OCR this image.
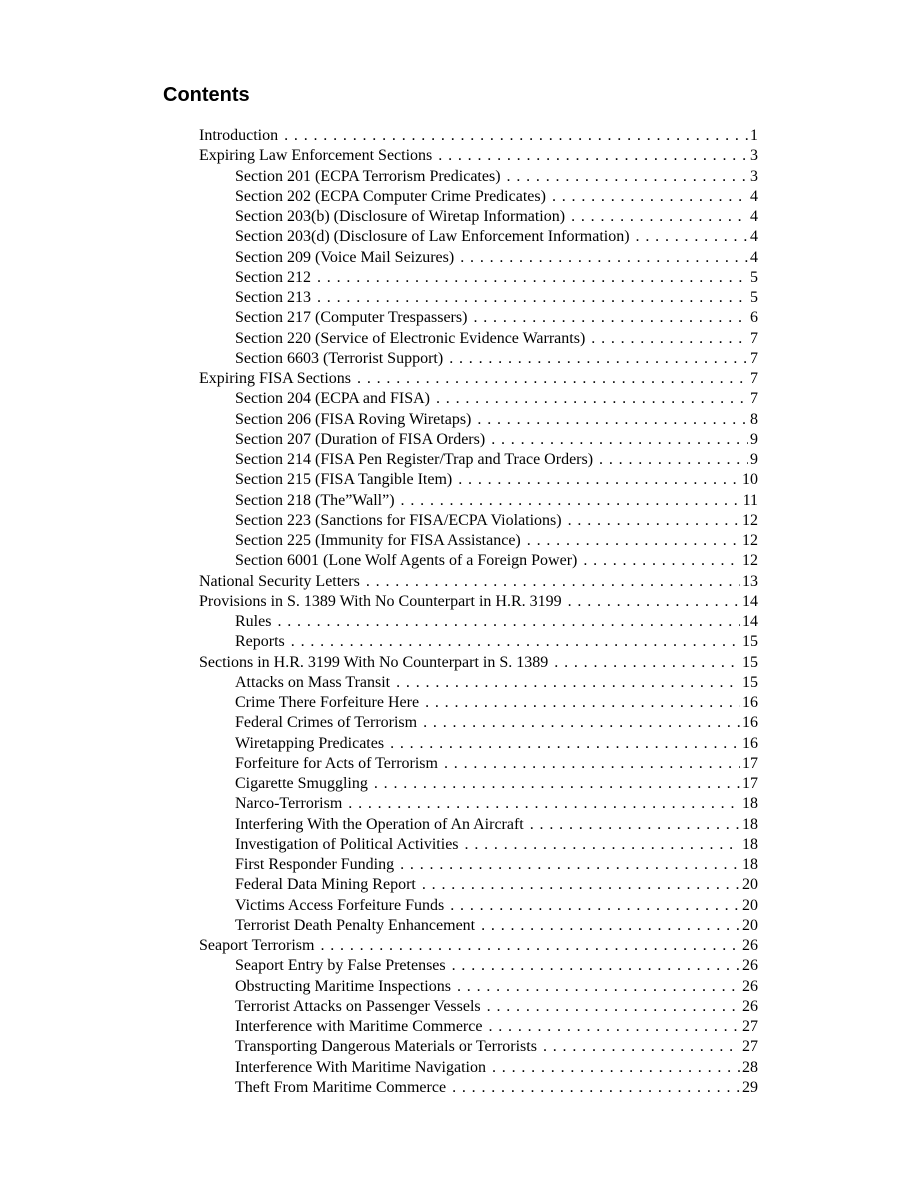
Contents
Introduction . . .	1
Expiring Law Enforcement Sections . . .	3
Section 201 (ECPA Terrorism Predicates) . . .	3
Section 202 (ECPA Computer Crime Predicates) . . .	4
Section 203(b) (Disclosure of Wiretap Information) . . .	4
Section 203(d) (Disclosure of Law Enforcement Information) . . .	4
Section 209 (Voice Mail Seizures) . . .	4
Section 212 . . .	5
Section 213 . . .	5
Section 217 (Computer Trespassers) . . .	6
Section 220 (Service of Electronic Evidence Warrants) . . .	7
Section 6603 (Terrorist Support) . . .	7
Expiring FISA Sections . . .	7
Section 204 (ECPA and FISA) . . .	7
Section 206 (FISA Roving Wiretaps) . . .	8
Section 207 (Duration of FISA Orders) . . .	9
Section 214 (FISA Pen Register/Trap and Trace Orders) . . .	9
Section 215 (FISA Tangible Item) . . .	10
Section 218 (The”Wall”) . . .	11
Section 223 (Sanctions for FISA/ECPA Violations) . . .	12
Section 225 (Immunity for FISA Assistance) . . .	12
Section 6001 (Lone Wolf Agents of a Foreign Power) . . .	12
National Security Letters . . .	13
Provisions in S. 1389 With No Counterpart in H.R. 3199 . . .	14
Rules . . .	14
Reports . . .	15
Sections in H.R. 3199 With No Counterpart in S. 1389 . . .	15
Attacks on Mass Transit . . .	15
Crime There Forfeiture Here . . .	16
Federal Crimes of Terrorism . . .	16
Wiretapping Predicates . . .	16
Forfeiture for Acts of Terrorism . . .	17
Cigarette Smuggling . . .	17
Narco-Terrorism . . .	18
Interfering With the Operation of An Aircraft . . .	18
Investigation of Political Activities . . .	18
First Responder Funding . . .	18
Federal Data Mining Report . . .	20
Victims Access Forfeiture Funds . . .	20
Terrorist Death Penalty Enhancement . . .	20
Seaport Terrorism . . .	26
Seaport Entry by False Pretenses . . .	26
Obstructing Maritime Inspections . . .	26
Terrorist Attacks on Passenger Vessels . . .	26
Interference with Maritime Commerce . . .	27
Transporting Dangerous Materials or Terrorists . . .	27
Interference With Maritime Navigation . . .	28
Theft From Maritime Commerce . . .	29
